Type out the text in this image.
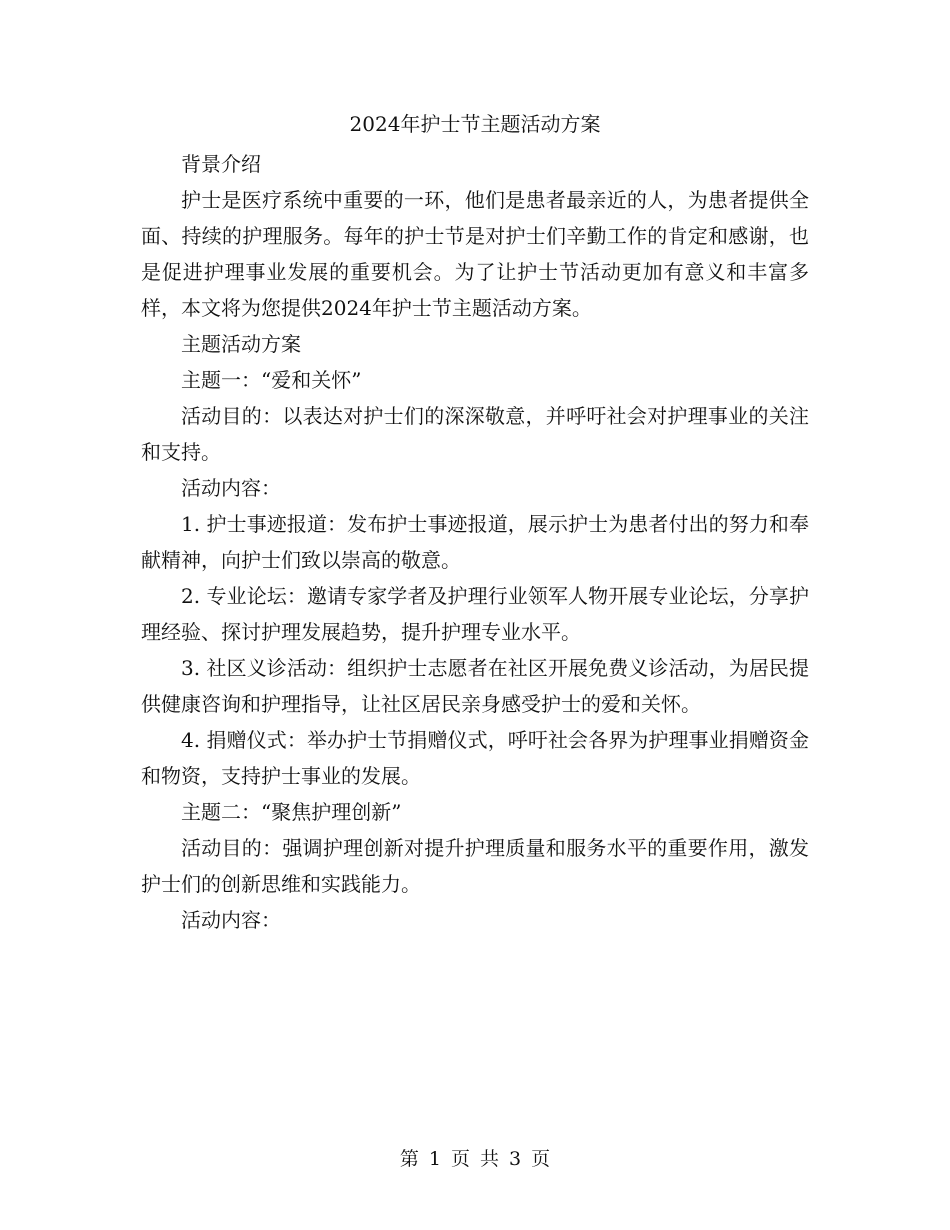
2024年护士节主题活动方案

背景介绍

护士是医疗系统中重要的一环，他们是患者最亲近的人，为患者提供全面、持续的护理服务。每年的护士节是对护士们辛勤工作的肯定和感谢，也是促进护理事业发展的重要机会。为了让护士节活动更加有意义和丰富多样，本文将为您提供2024年护士节主题活动方案。

主题活动方案

主题一：“爱和关怀”

活动目的：以表达对护士们的深深敬意，并呼吁社会对护理事业的关注和支持。

活动内容：

1. 护士事迹报道：发布护士事迹报道，展示护士为患者付出的努力和奉献精神，向护士们致以崇高的敬意。

2. 专业论坛：邀请专家学者及护理行业领军人物开展专业论坛，分享护理经验、探讨护理发展趋势，提升护理专业水平。

3. 社区义诊活动：组织护士志愿者在社区开展免费义诊活动，为居民提供健康咨询和护理指导，让社区居民亲身感受护士的爱和关怀。

4. 捐赠仪式：举办护士节捐赠仪式，呼吁社会各界为护理事业捐赠资金和物资，支持护士事业的发展。

主题二：“聚焦护理创新”

活动目的：强调护理创新对提升护理质量和服务水平的重要作用，激发护士们的创新思维和实践能力。

活动内容：

第 1 页 共 3 页
